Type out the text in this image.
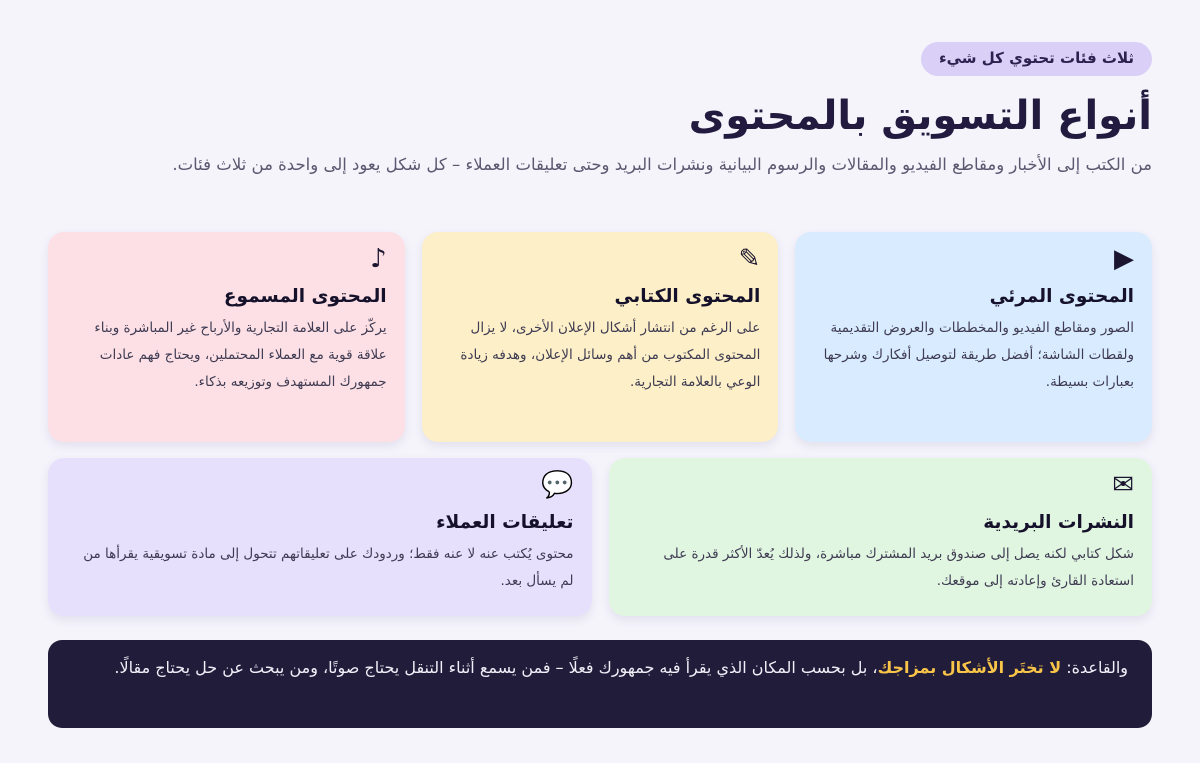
ثلاث فئات تحتوي كل شيء
أنواع التسويق بالمحتوى

من الكتب إلى الأخبار ومقاطع الفيديو والمقالات والرسوم البيانية ونشرات البريد وحتى تعليقات العملاء – كل شكل يعود إلى واحدة من ثلاث فئات.

▶
المحتوى المرئي

الصور ومقاطع الفيديو والمخططات والعروض التقديمية ولقطات الشاشة؛ أفضل طريقة لتوصيل أفكارك وشرحها بعبارات بسيطة.

✎
المحتوى الكتابي

على الرغم من انتشار أشكال الإعلان الأخرى، لا يزال المحتوى المكتوب من أهم وسائل الإعلان، وهدفه زيادة الوعي بالعلامة التجارية.

♪
المحتوى المسموع

يركّز على العلامة التجارية والأرباح غير المباشرة وبناء علاقة قوية مع العملاء المحتملين، ويحتاج فهم عادات جمهورك المستهدف وتوزيعه بذكاء.

✉
النشرات البريدية

شكل كتابي لكنه يصل إلى صندوق بريد المشترك مباشرة، ولذلك يُعدّ الأكثر قدرة على استعادة القارئ وإعادته إلى موقعك.

💬
تعليقات العملاء

محتوى يُكتب عنه لا عنه فقط؛ وردودك على تعليقاتهم تتحول إلى مادة تسويقية يقرأها من لم يسأل بعد.

والقاعدة: لا تختَر الأشكال بمزاجك، بل بحسب المكان الذي يقرأ فيه جمهورك فعلًا – فمن يسمع أثناء التنقل يحتاج صوتًا، ومن يبحث عن حل يحتاج مقالًا.
